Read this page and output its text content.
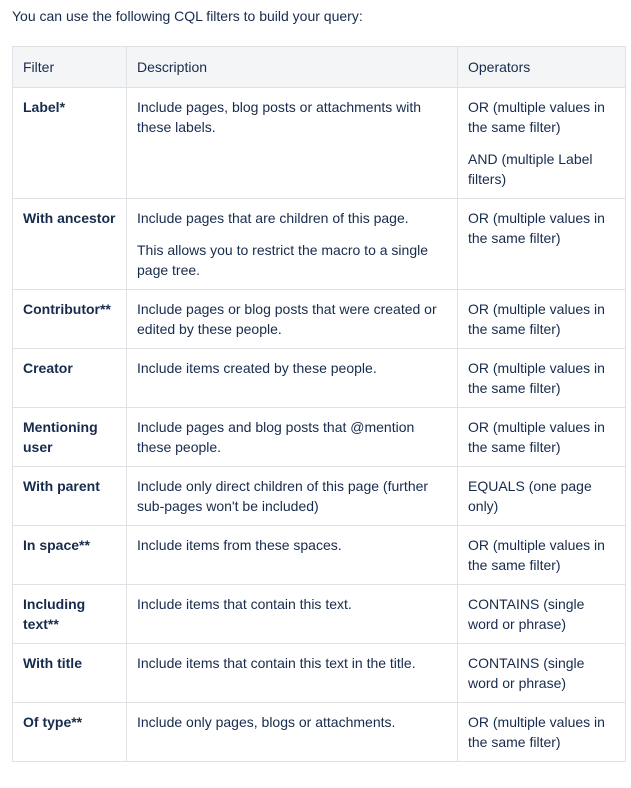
You can use the following CQL filters to build your query:

Filter	Description	Operators
Label*	Include pages, blog posts or attachments with these labels.	OR (multiple values in the same filter)
AND (multiple Label filters)

With ancestor	Include pages that are children of this page.
This allows you to restrict the macro to a single page tree.	OR (multiple values in the same filter)

Contributor**	Include pages or blog posts that were created or edited by these people.	OR (multiple values in the same filter)

Creator	Include items created by these people.	OR (multiple values in the same filter)

Mentioning user	Include pages and blog posts that @mention these people.	OR (multiple values in the same filter)

With parent	Include only direct children of this page (further sub-pages won't be included)	EQUALS (one page only)

In space**	Include items from these spaces.	OR (multiple values in the same filter)

Including text**	Include items that contain this text.	CONTAINS (single word or phrase)

With title	Include items that contain this text in the title.	CONTAINS (single word or phrase)

Of type**	Include only pages, blogs or attachments.	OR (multiple values in the same filter)
